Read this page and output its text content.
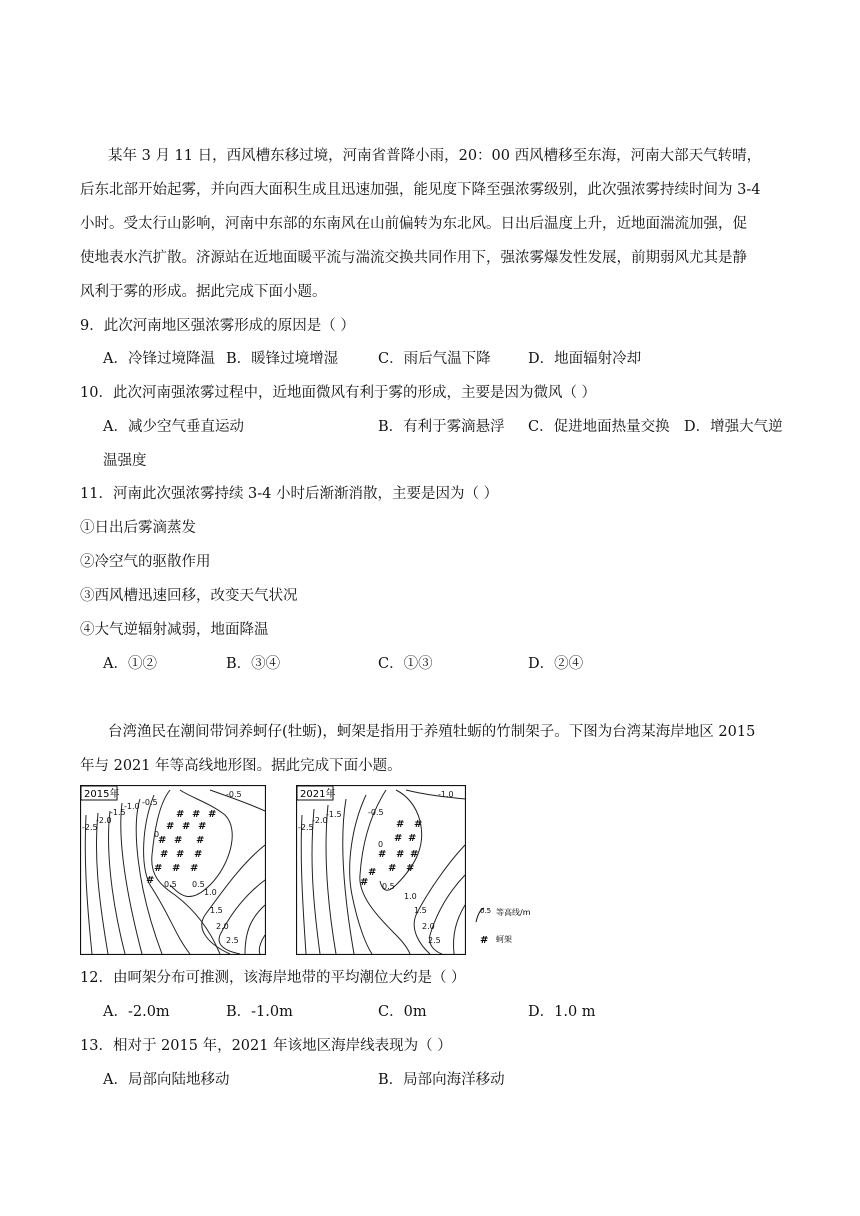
某年 3 月 11 日，西风槽东移过境，河南省普降小雨，20：00 西风槽移至东海，河南大部天气转晴，
后东北部开始起雾，并向西大面积生成且迅速加强，能见度下降至强浓雾级别，此次强浓雾持续时间为 3-4
小时。受太行山影响，河南中东部的东南风在山前偏转为东北风。日出后温度上升，近地面湍流加强，促
使地表水汽扩散。济源站在近地面暖平流与湍流交换共同作用下，强浓雾爆发性发展，前期弱风尤其是静
风利于雾的形成。据此完成下面小题。
9．此次河南地区强浓雾形成的原因是（ ）
A．冷锋过境降温 B．暖锋过境增湿	C．雨后气温下降	D．地面辐射冷却
10．此次河南强浓雾过程中，近地面微风有利于雾的形成，主要是因为微风（ ）
A．减少空气垂直运动	B．有利于雾滴悬浮 C．促进地面热量交换 D．增强大气逆
温强度
11．河南此次强浓雾持续 3-4 小时后渐渐消散，主要是因为（ ）
①日出后雾滴蒸发
②冷空气的驱散作用
③西风槽迅速回移，改变天气状况
④大气逆辐射减弱，地面降温
A．①②	B．③④	C．①③	D．②④
台湾渔民在潮间带饲养蚵仔(牡蛎)，蚵架是指用于养殖牡蛎的竹制架子。下图为台湾某海岸地区 2015
年与 2021 年等高线地形图。据此完成下面小题。
2015年
-2.5
-2.0
-1.5
-1.0 -0.5
0
0.5
-0.5
0.5
1.0
1.5
2.0
2.5
# # #
# # #
# # #
# # #
# # #
#
2021年
-2.5
-2.0
-1.5
-1.0
-0.5
0
0.5
1.0
1.5
2.0
2.5
# #
# #
# # #
# #
#
#
0.5 等高线/m
# 蚵架
12．由呵架分布可推测，该海岸地带的平均潮位大约是（ ）
A．-2.0m	B．-1.0m	C．0m	D．1.0 m
13．相对于 2015 年，2021 年该地区海岸线表现为（ ）
A．局部向陆地移动	B．局部向海洋移动
